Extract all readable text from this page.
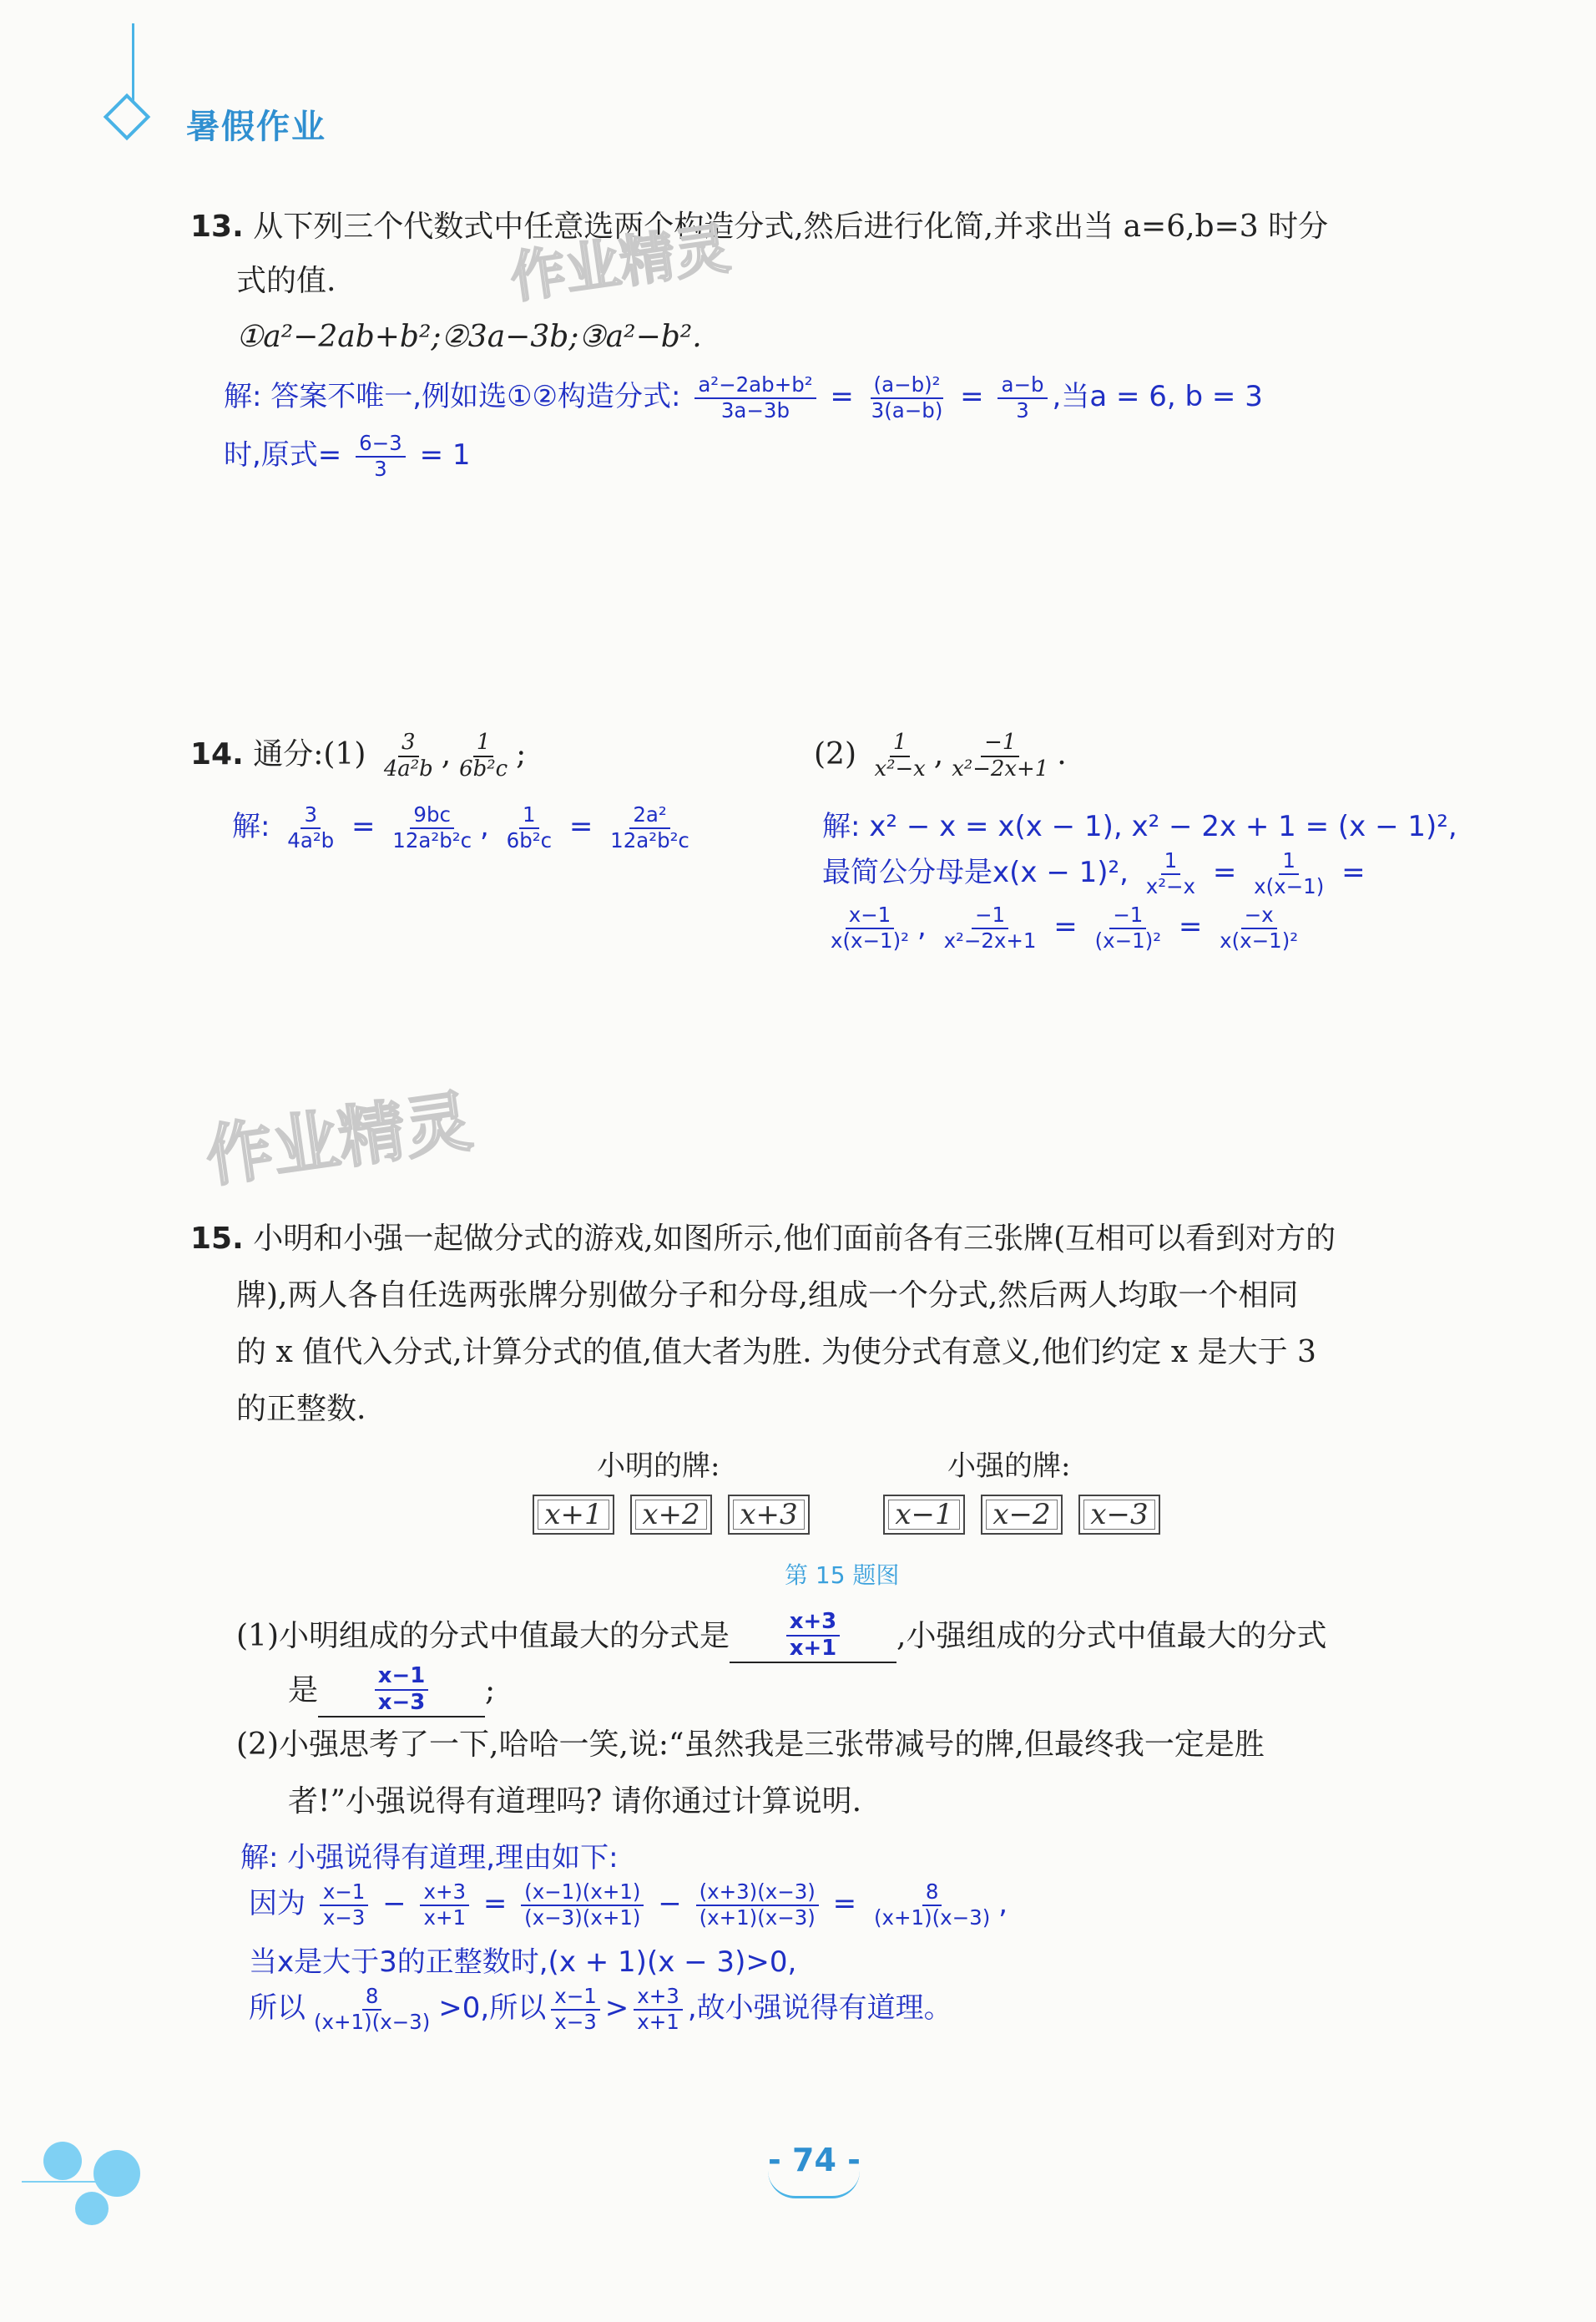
暑假作业
13. 从下列三个代数式中任意选两个构造分式,然后进行化简,并求出当 a=6,b=3 时分
式的值.
①a²−2ab+b²;②3a−3b;③a²−b².
解: 答案不唯一,例如选①②构造分式: $\frac{\text{a²−2ab+b²}}{3a-3b} = \frac{\text{(a−b)²}}{3(a-b)} = \frac{a-b}{3}$ ,当a = 6, b = 3
时,原式= $\frac{6-3}{3} = 1$
作业精灵
14. 通分:(1) $\frac{3}{\text{4a²b}}$ , $\frac{1}{\text{6b²c}}$ ;	$(2) \frac{1}{\text{x²−x}}$ , $\frac{-1}{\text{x²−2x+1}}$ .
解: $\frac{3}{\text{4a²b}} = \frac{9bc}{\text{12a²b²c}}$ , $\frac{1}{\text{6b²c}} = \frac{\text{2a²}}{\text{12a²b²c}}$	解: x² − x = x(x − 1), x² − 2x + 1 = (x − 1)²,
最简公分母是x(x − 1)², $\frac{1}{\text{x²−x}} = \frac{1}{x(x-1)}$ =
$\frac{x-1}{\text{x(x−1)²}}$ , $\frac{-1}{\text{x²−2x+1}} = \frac{-1}{\text{(x−1)²}} = \frac{-x}{\text{x(x−1)²}}$
作业精灵
15. 小明和小强一起做分式的游戏,如图所示,他们面前各有三张牌(互相可以看到对方的
牌),两人各自任选两张牌分别做分子和分母,组成一个分式,然后两人均取一个相同
的 x 值代入分式,计算分式的值,值大者为胜. 为使分式有意义,他们约定 x 是大于 3
的正整数.
小明的牌:	小强的牌:
x+1	x+2	x+3	x−1	x−2	x−3
第 15 题图
(1)小明组成的分式中值最大的分式是	$\frac{x+3}{x+1}$ ,小强组成的分式中值最大的分式
是	$\frac{x-1}{x-3}$ ;
(2)小强思考了一下,哈哈一笑,说:“虽然我是三张带减号的牌,但最终我一定是胜
者!”小强说得有道理吗? 请你通过计算说明.
解: 小强说得有道理,理由如下:
因为 $\frac{x-1}{x-3} - \frac{x+3}{x+1} = \frac{(x-1)(x+1)}{(x-3)(x+1)} - \frac{(x+3)(x-3)}{(x+1)(x-3)} = \frac{8}{(x+1)(x-3)}$ ,
当x是大于3的正整数时,(x + 1)(x − 3)>0,
所以 $\frac{8}{(x+1)(x-3)} >0$,所以 $\frac{x-1}{x-3} > \frac{x+3}{x+1}$ ,故小强说得有道理。
- 74 -
